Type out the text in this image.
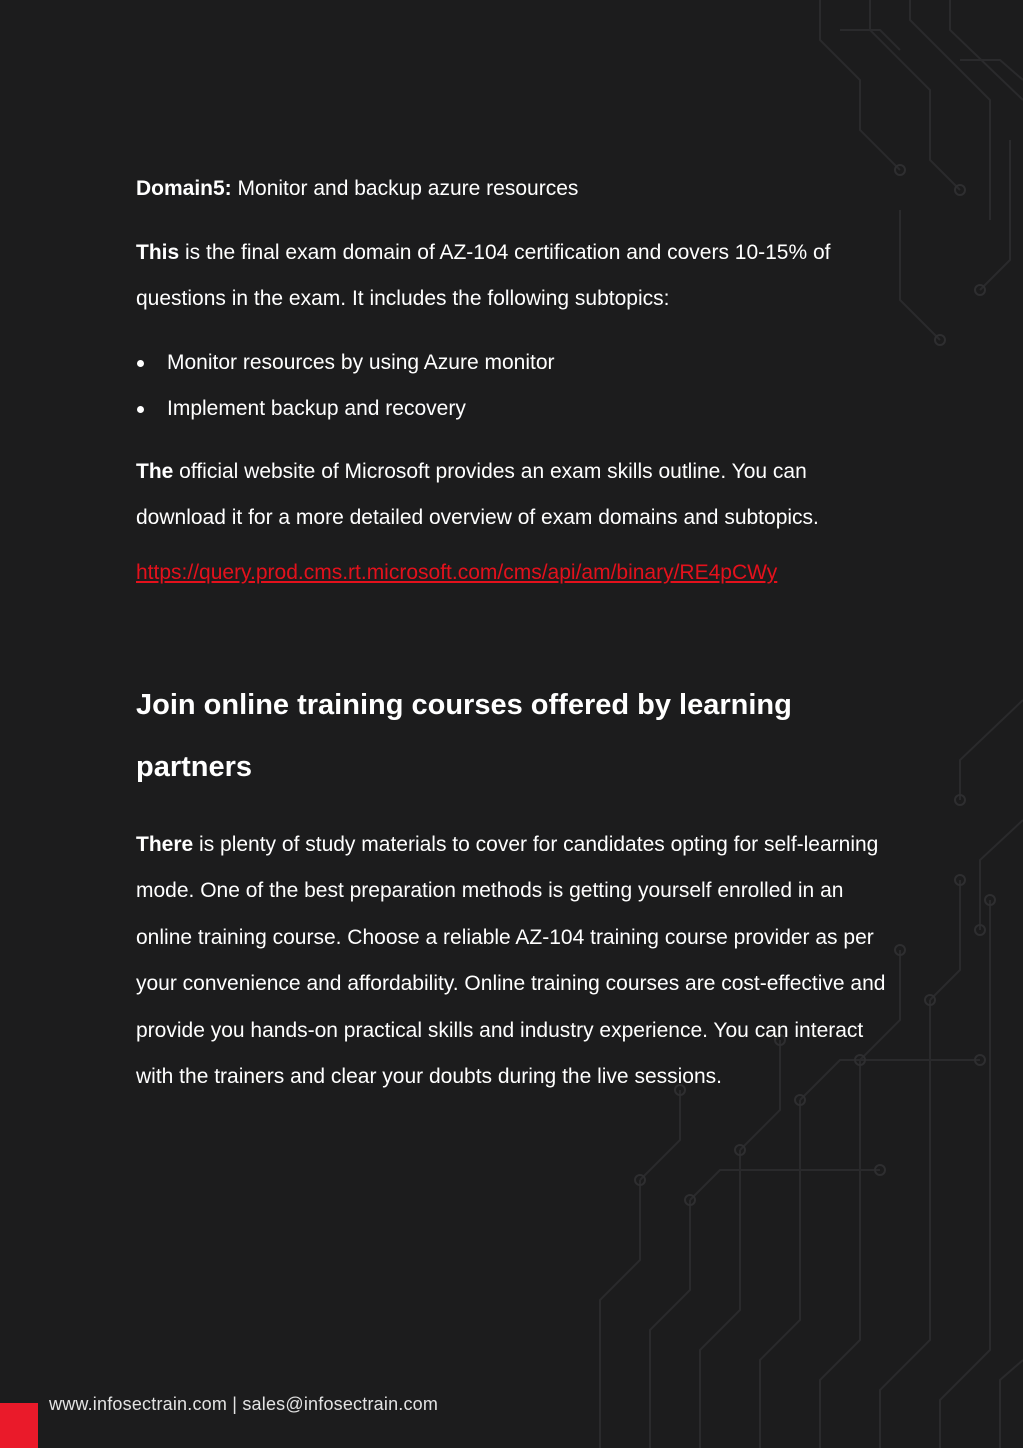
Domain5: Monitor and backup azure resources

This is the final exam domain of AZ-104 certification and covers 10-15% of questions in the exam. It includes the following subtopics:

Monitor resources by using Azure monitor
Implement backup and recovery

The official website of Microsoft provides an exam skills outline. You can download it for a more detailed overview of exam domains and subtopics.

https://query.prod.cms.rt.microsoft.com/cms/api/am/binary/RE4pCWy
Join online training courses offered by learning partners

There is plenty of study materials to cover for candidates opting for self-learning mode. One of the best preparation methods is getting yourself enrolled in an online training course. Choose a reliable AZ-104 training course provider as per your convenience and affordability. Online training courses are cost-effective and provide you hands-on practical skills and industry experience. You can interact with the trainers and clear your doubts during the live sessions.

www.infosectrain.com | sales@infosectrain.com
